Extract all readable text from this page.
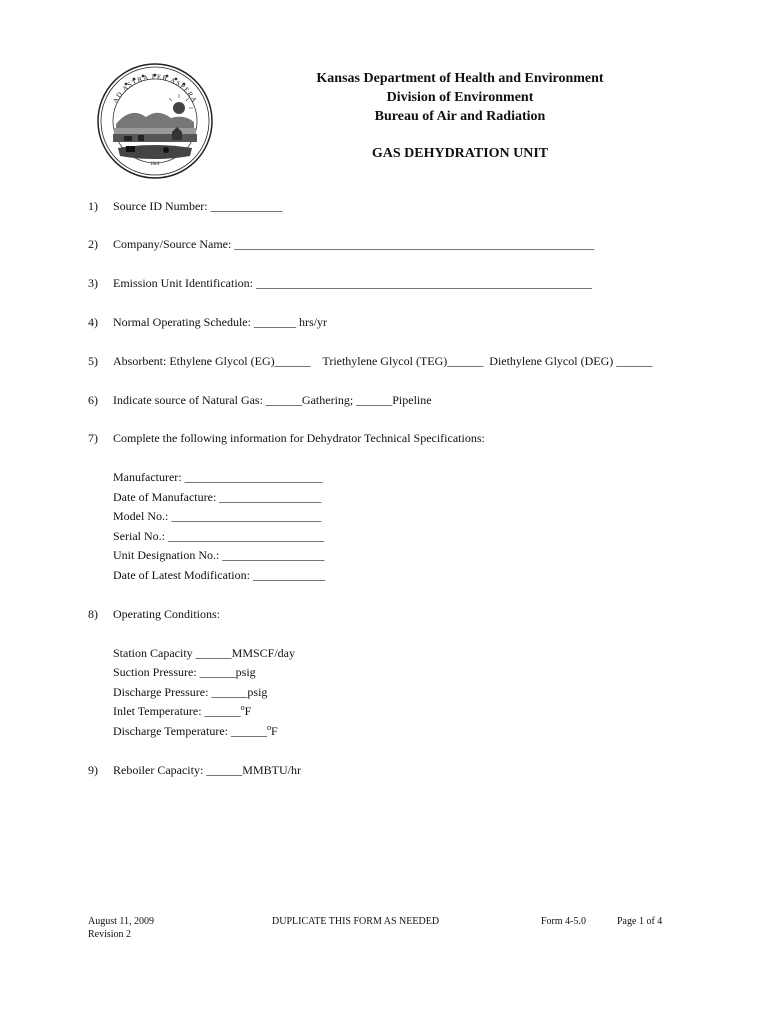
AD ASTRA PER ASPERA
1861
Kansas Department of Health and Environment
Division of Environment
Bureau of Air and Radiation
GAS DEHYDRATION UNIT
1) Source ID Number: ____________
2) Company/Source Name: ____________________________________________________________
3) Emission Unit Identification: ________________________________________________________
4) Normal Operating Schedule: _______ hrs/yr
5) Absorbent: Ethylene Glycol (EG)______    Triethylene Glycol (TEG)______  Diethylene Glycol (DEG) ______
6) Indicate source of Natural Gas: ______Gathering; ______Pipeline
7) Complete the following information for Dehydrator Technical Specifications:
Manufacturer: _______________________
Date of Manufacture: _________________
Model No.: _________________________
Serial No.: __________________________
Unit Designation No.: _________________
Date of Latest Modification: ____________
8) Operating Conditions:
Station Capacity ______MMSCF/day
Suction Pressure: ______psig
Discharge Pressure: ______psig
Inlet Temperature: ______$^o$F
Discharge Temperature: ______$^o$F
9) Reboiler Capacity: ______MMBTU/hr
August 11, 2009
Revision 2
DUPLICATE THIS FORM AS NEEDED	Form 4-5.0	Page 1 of 4
